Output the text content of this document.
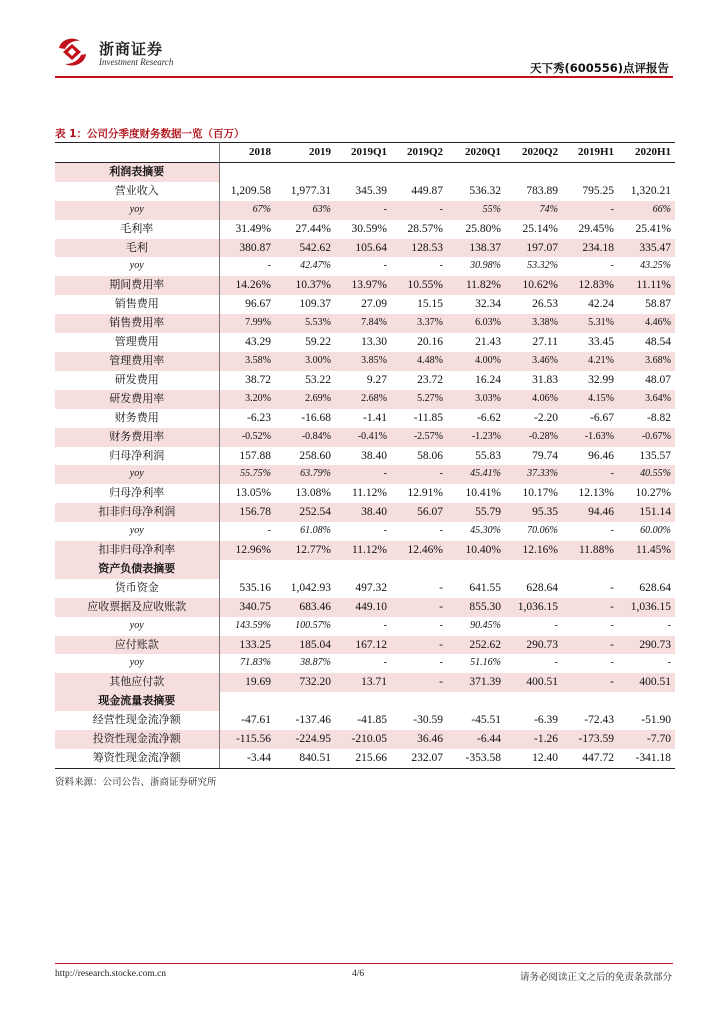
浙商证券
Investment Research	天下秀(600556)点评报告
表 1：公司分季度财务数据一览（百万）
	2018	2019	2019Q1	2019Q2	2020Q1	2020Q2	2019H1	2020H1
利润表摘要								
营业收入	1,209.58	1,977.31	345.39	449.87	536.32	783.89	795.25	1,320.21
yoy	67%	63%	-	-	55%	74%	-	66%
毛利率	31.49%	27.44%	30.59%	28.57%	25.80%	25.14%	29.45%	25.41%
毛利	380.87	542.62	105.64	128.53	138.37	197.07	234.18	335.47
yoy	-	42.47%	-	-	30.98%	53.32%	-	43.25%
期间费用率	14.26%	10.37%	13.97%	10.55%	11.82%	10.62%	12.83%	11.11%
销售费用	96.67	109.37	27.09	15.15	32.34	26.53	42.24	58.87
销售费用率	7.99%	5.53%	7.84%	3.37%	6.03%	3.38%	5.31%	4.46%
管理费用	43.29	59.22	13.30	20.16	21.43	27.11	33.45	48.54
管理费用率	3.58%	3.00%	3.85%	4.48%	4.00%	3.46%	4.21%	3.68%
研发费用	38.72	53.22	9.27	23.72	16.24	31.83	32.99	48.07
研发费用率	3.20%	2.69%	2.68%	5.27%	3.03%	4.06%	4.15%	3.64%
财务费用	-6.23	-16.68	-1.41	-11.85	-6.62	-2.20	-6.67	-8.82
财务费用率	-0.52%	-0.84%	-0.41%	-2.57%	-1.23%	-0.28%	-1.63%	-0.67%
归母净利润	157.88	258.60	38.40	58.06	55.83	79.74	96.46	135.57
yoy	55.75%	63.79%	-	-	45.41%	37.33%	-	40.55%
归母净利率	13.05%	13.08%	11.12%	12.91%	10.41%	10.17%	12.13%	10.27%
扣非归母净利润	156.78	252.54	38.40	56.07	55.79	95.35	94.46	151.14
yoy	-	61.08%	-	-	45.30%	70.06%	-	60.00%
扣非归母净利率	12.96%	12.77%	11.12%	12.46%	10.40%	12.16%	11.88%	11.45%
资产负债表摘要								
货币资金	535.16	1,042.93	497.32	-	641.55	628.64	-	628.64
应收票据及应收账款	340.75	683.46	449.10	-	855.30	1,036.15	-	1,036.15
yoy	143.59%	100.57%	-	-	90.45%	-	-	-
应付账款	133.25	185.04	167.12	-	252.62	290.73	-	290.73
yoy	71.83%	38.87%	-	-	51.16%	-	-	-
其他应付款	19.69	732.20	13.71	-	371.39	400.51	-	400.51
现金流量表摘要								
经营性现金流净额	-47.61	-137.46	-41.85	-30.59	-45.51	-6.39	-72.43	-51.90
投资性现金流净额	-115.56	-224.95	-210.05	36.46	-6.44	-1.26	-173.59	-7.70
筹资性现金流净额	-3.44	840.51	215.66	232.07	-353.58	12.40	447.72	-341.18
资料来源：公司公告、浙商证券研究所
http://research.stocke.com.cn	4/6	请务必阅读正文之后的免责条款部分
